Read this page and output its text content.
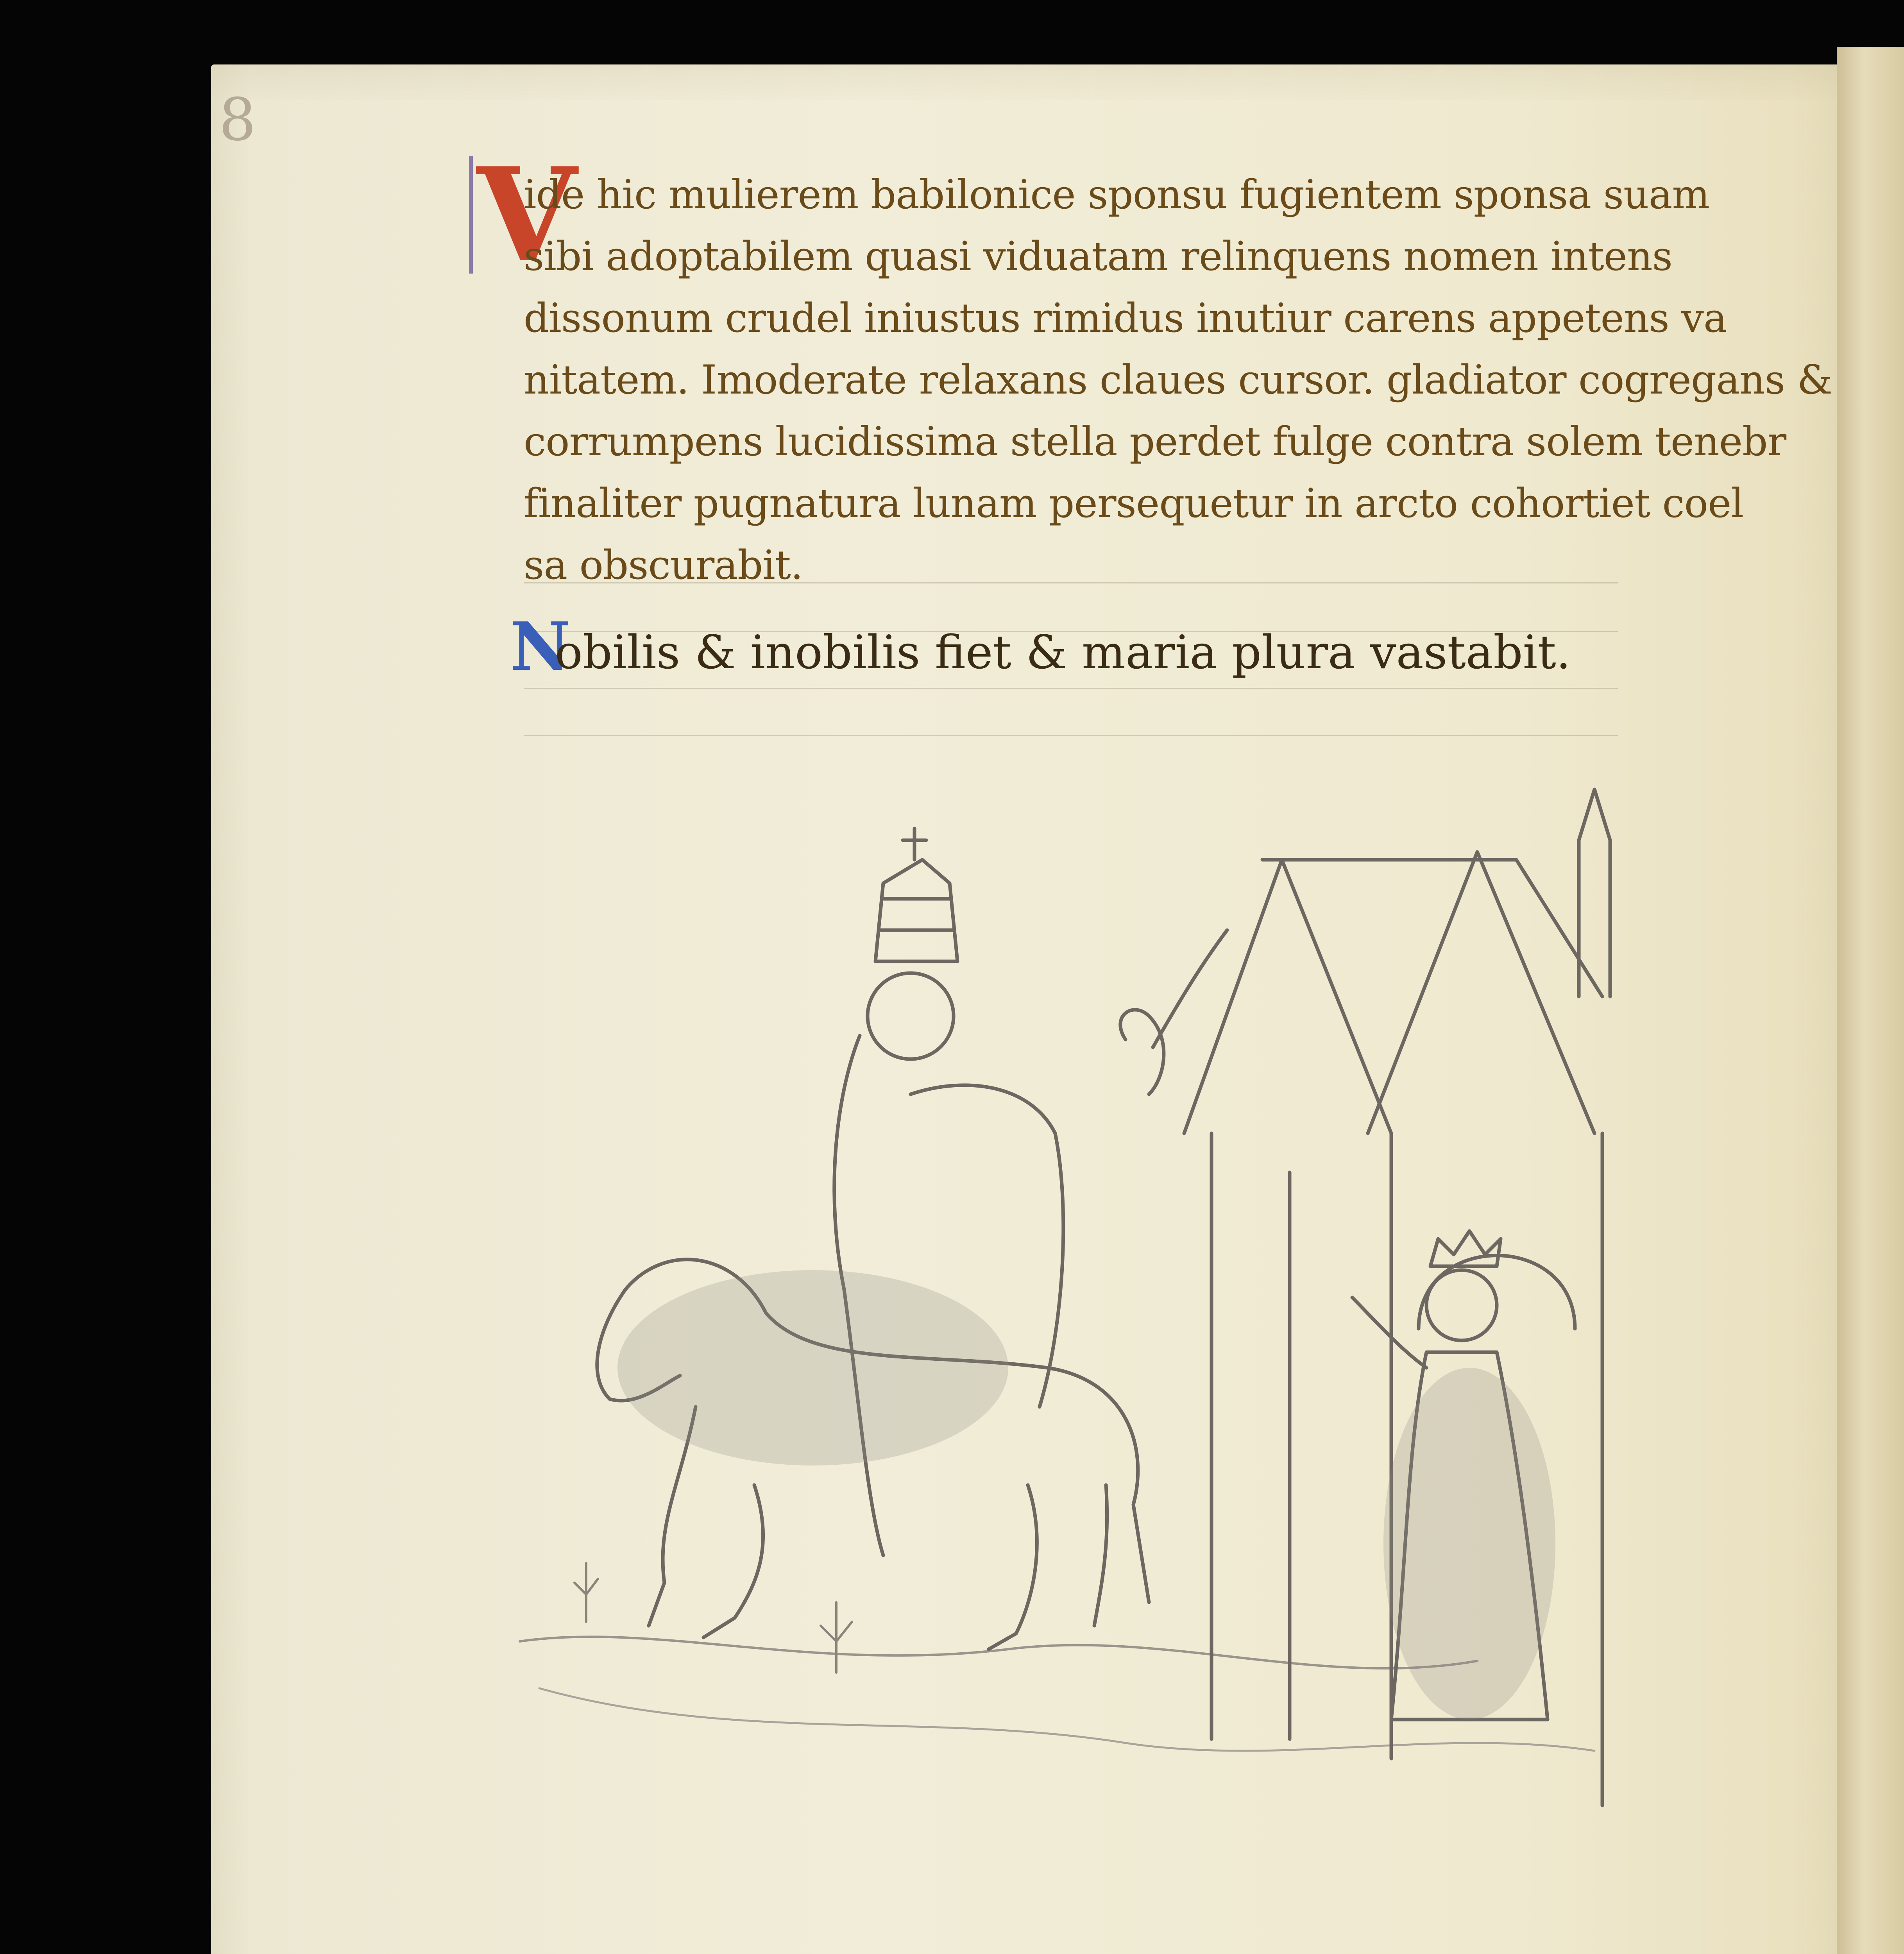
8
V
ide hic mulierem babilonice sponsu fugientem sponsa suam
sibi adoptabilem quasi viduatam relinquens nomen intens
dissonum crudel iniustus rimidus inutiur carens appetens va
nitatem. Imoderate relaxans claues cursor. gladiator cogregans &
corrumpens lucidissima stella perdet fulge contra solem tenebr
finaliter pugnatura lunam persequetur in arcto cohortiet coel
sa obscurabit.
N
obilis & inobilis fiet & maria plura vastabit.
